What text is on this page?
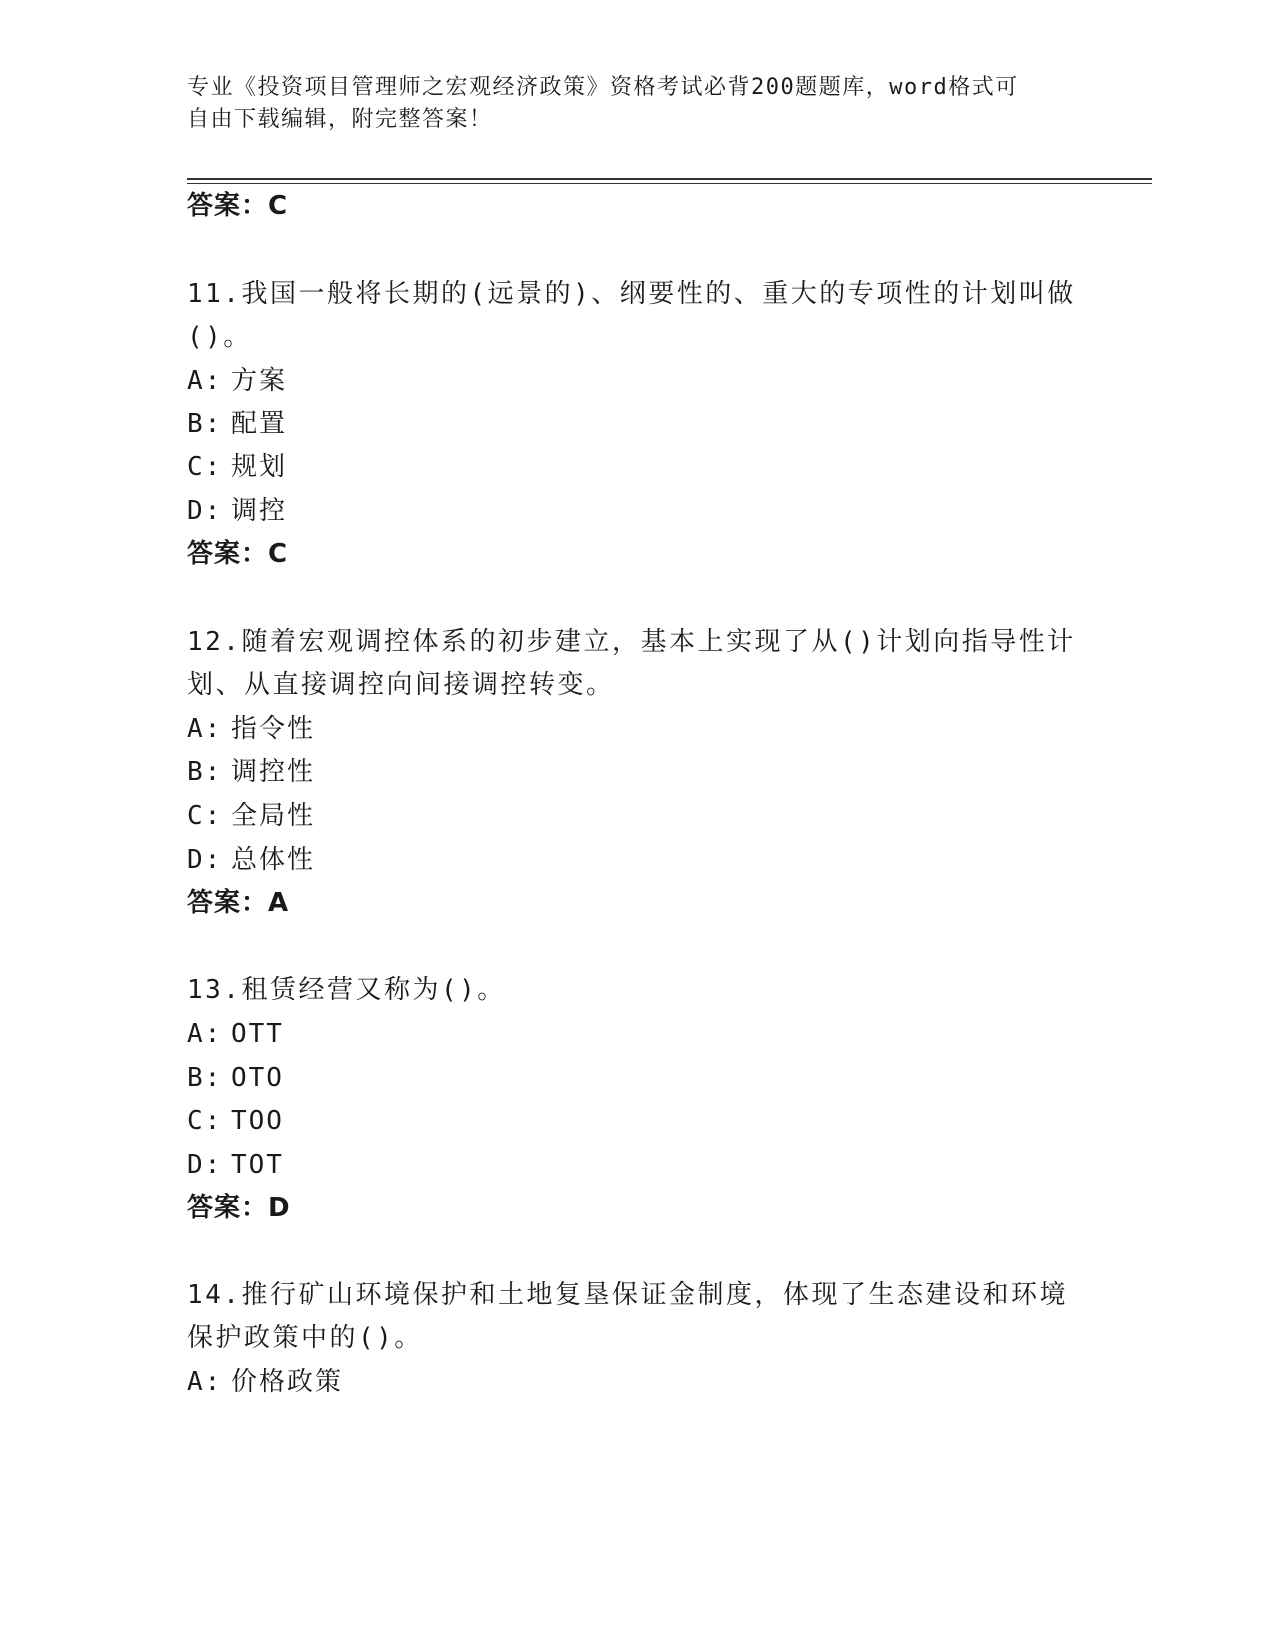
专业《投资项目管理师之宏观经济政策》资格考试必背200题题库，word格式可
自由下载编辑，附完整答案！
答案：C
11.我国一般将长期的(远景的)、纲要性的、重大的专项性的计划叫做
()。
A: 方案
B: 配置
C: 规划
D: 调控
答案：C
12.随着宏观调控体系的初步建立，基本上实现了从()计划向指导性计
划、从直接调控向间接调控转变。
A: 指令性
B: 调控性
C: 全局性
D: 总体性
答案：A
13.租赁经营又称为()。
A: OTT
B: OTO
C: TOO
D: TOT
答案：D
14.推行矿山环境保护和土地复垦保证金制度，体现了生态建设和环境
保护政策中的()。
A: 价格政策
